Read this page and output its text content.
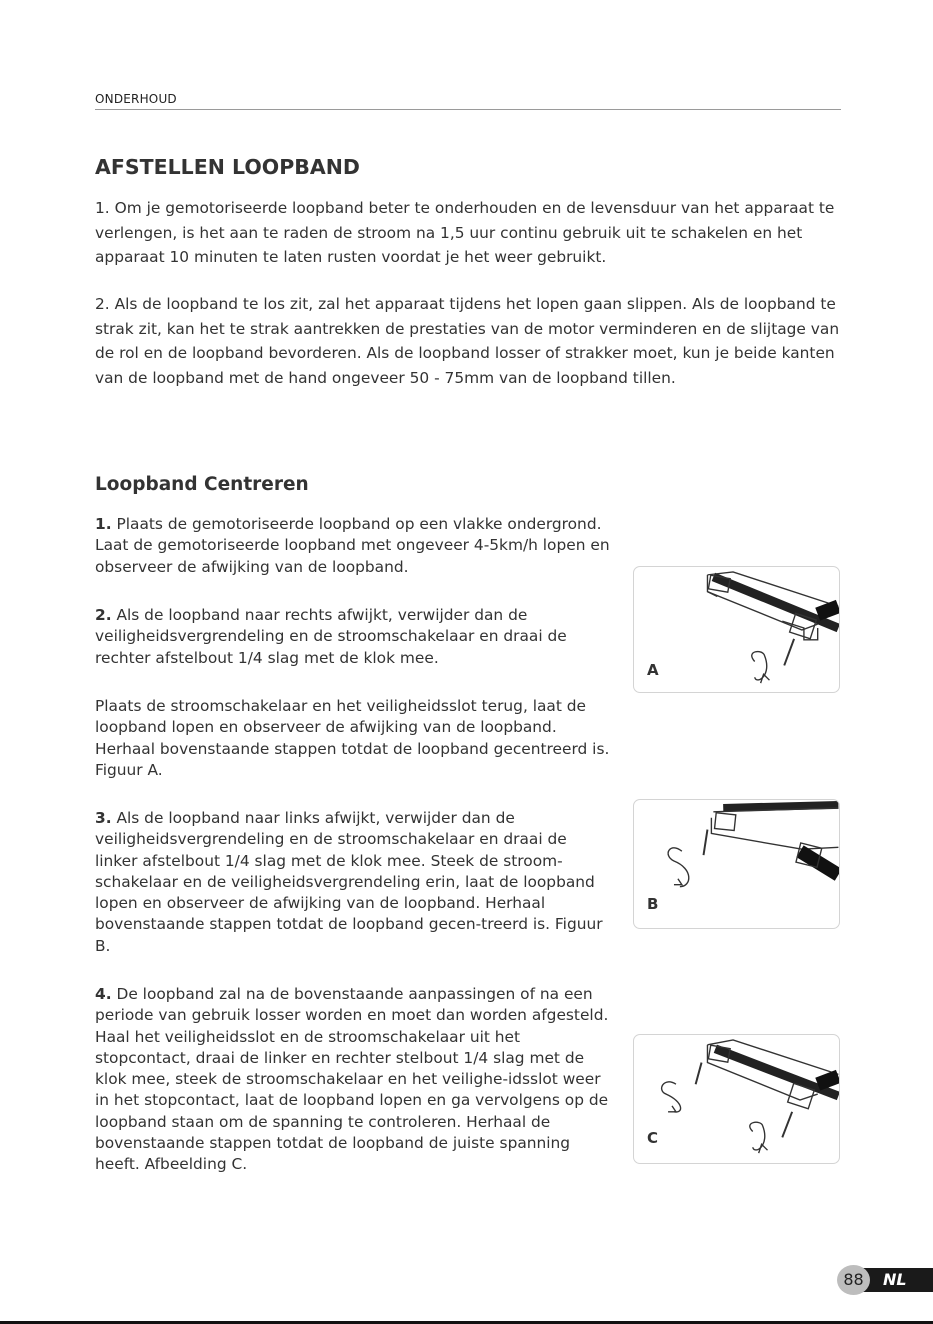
ONDERHOUD
AFSTELLEN LOOPBAND

1. Om je gemotoriseerde loopband beter te onderhouden en de levensduur van het apparaat te verlengen, is het aan te raden de stroom na 1,5 uur continu gebruik uit te schakelen en het apparaat 10 minuten te laten rusten voordat je het weer gebruikt.

2. Als de loopband te los zit, zal het apparaat tijdens het lopen gaan slippen. Als de loopband te strak zit, kan het te strak aantrekken de prestaties van de motor verminderen en de slijtage van de rol en de loopband bevorderen. Als de loopband losser of strakker moet, kun je beide kanten van de loopband met de hand ongeveer 50 - 75mm van de loopband tillen.

Loopband Centreren

1. Plaats de gemotoriseerde loopband op een vlakke ondergrond. Laat de gemotoriseerde loopband met ongeveer 4-5km/h lopen en observeer de afwijking van de loopband.

2. Als de loopband naar rechts afwijkt, verwijder dan de veiligheidsvergrendeling en de stroomschakelaar en draai de rechter afstelbout 1/4 slag met de klok mee.

Plaats de stroomschakelaar en het veiligheidsslot terug, laat de loopband lopen en observeer de afwijking van de loopband. Herhaal bovenstaande stappen totdat de loopband gecentreerd is. Figuur A.

3. Als de loopband naar links afwijkt, verwijder dan de veiligheidsvergrendeling en de stroomschakelaar en draai de linker afstelbout 1/4 slag met de klok mee. Steek de stroom-schakelaar en de veiligheidsvergrendeling erin, laat de loopband lopen en observeer de afwijking van de loopband. Herhaal bovenstaande stappen totdat de loopband gecen-treerd is. Figuur B.

4. De loopband zal na de bovenstaande aanpassingen of na een periode van gebruik losser worden en moet dan worden afgesteld. Haal het veiligheidsslot en de stroomschakelaar uit het stopcontact, draai de linker en rechter stelbout 1/4 slag met de klok mee, steek de stroomschakelaar en het veilighe-idsslot weer in het stopcontact, laat de loopband lopen en ga vervolgens op de loopband staan om de spanning te controleren. Herhaal de bovenstaande stappen totdat de loopband de juiste spanning heeft. Afbeelding C.

A
B
C
NL
88
